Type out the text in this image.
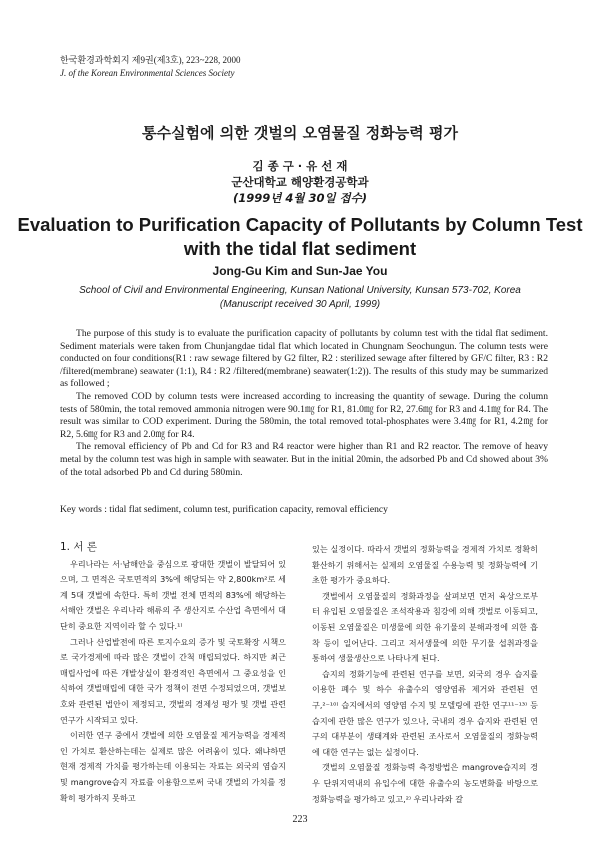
한국환경과학회지 제9권(제3호), 223~228, 2000
J. of the Korean Environmental Sciences Society
통수실험에 의한 갯벌의 오염물질 정화능력 평가
김 종 구 · 유 선 재
군산대학교 해양환경공학과
(1999년 4월 30일 접수)
Evaluation to Purification Capacity of Pollutants by Column Test
with the tidal flat sediment
Jong-Gu Kim and Sun-Jae You
School of Civil and Environmental Engineering, Kunsan National University, Kunsan 573-702, Korea
(Manuscript received 30 April, 1999)

The purpose of this study is to evaluate the purification capacity of pollutants by column test with the tidal flat sediment. Sediment materials were taken from Chunjangdae tidal flat which located in Chungnam Seochungun. The column tests were conducted on four conditions(R1 : raw sewage filtered by G2 filter, R2 : sterilized sewage after filtered by GF/C filter, R3 : R2 /filtered(membrane) seawater (1:1), R4 : R2 /filtered(membrane) seawater(1:2)). The results of this study may be summarized as followed ;

The removed COD by column tests were increased according to increasing the quantity of sewage. During the column tests of 580min, the total removed ammonia nitrogen were 90.1㎎ for R1, 81.0㎎ for R2, 27.6㎎ for R3 and 4.1㎎ for R4. The result was similar to COD experiment. During the 580min, the total removed total-phosphates were 3.4㎎ for R1, 4.2㎎ for R2, 5.6㎎ for R3 and 2.0㎎ for R4.

The removal efficiency of Pb and Cd for R3 and R4 reactor were higher than R1 and R2 reactor. The remove of heavy metal by the column test was high in sample with seawater. But in the initial 20min, the adsorbed Pb and Cd showed about 3% of the total adsorbed Pb and Cd during 580min.

Key words : tidal flat sediment, column test, purification capacity, removal efficiency
1. 서 론

우리나라는 서·남해안을 중심으로 광대한 갯벌이 발달되어 있으며, 그 면적은 국토면적의 3%에 해당되는 약 2,800km²로 세계 5대 갯벌에 속한다. 특히 갯벌 전체 면적의 83%에 해당하는 서해안 갯벌은 우리나라 해류의 주 생산지로 수산업 측면에서 대단히 중요한 지역이라 할 수 있다.¹⁾

그러나 산업발전에 따른 토지수요의 증가 및 국토확장 시책으로 국가경제에 따라 많은 갯벌이 간척 매립되었다. 하지만 최근 매립사업에 따른 개발상실이 환경적인 측면에서 그 중요성을 인식하여 갯벌매립에 대한 국가 정책이 전면 수정되었으며, 갯벌보호와 관련된 법안이 제정되고, 갯벌의 경제성 평가 및 갯벌 관련 연구가 시작되고 있다.

이러한 연구 중에서 갯벌에 의한 오염물질 제거능력을 경제적인 가치로 환산하는데는 실제로 많은 어려움이 있다. 왜냐하면 현재 경제적 가치를 평가하는데 이용되는 자료는 외국의 염습지 및 mangrove습지 자료를 이용함으로써 국내 갯벌의 가치를 정확히 평가하지 못하고

있는 실정이다. 따라서 갯벌의 정화능력을 경제적 가치로 정확히 환산하기 위해서는 실제의 오염물질 수용능력 및 정화능력에 기초한 평가가 중요하다.

갯벌에서 오염물질의 정화과정을 살펴보면 먼저 육상으로부터 유입된 오염물질은 조석작용과 침강에 의해 갯벌로 이동되고, 이동된 오염물질은 미생물에 의한 유기물의 분해과정에 의한 흡착 등이 일어난다. 그리고 저서생물에 의한 무기물 섭취과정을 통하여 생물생산으로 나타나게 된다.

습지의 정화기능에 관련된 연구를 보면, 외국의 경우 습지를 이용한 폐수 및 하수 유출수의 영양염류 제거와 관련된 연구,²⁻¹⁰⁾ 습지에서의 영양염 수지 및 모델링에 관한 연구¹¹⁻¹³⁾ 등 습지에 관한 많은 연구가 있으나, 국내의 경우 습지와 관련된 연구의 대부분이 생태계와 관련된 조사로서 오염물질의 정화능력에 대한 연구는 없는 실정이다.

갯벌의 오염물질 정화능력 측정방법은 mangrove습지의 경우 단위지역내의 유입수에 대한 유출수의 농도변화를 바탕으로 정화능력을 평가하고 있고,²⁾ 우리나라와 갈

223
